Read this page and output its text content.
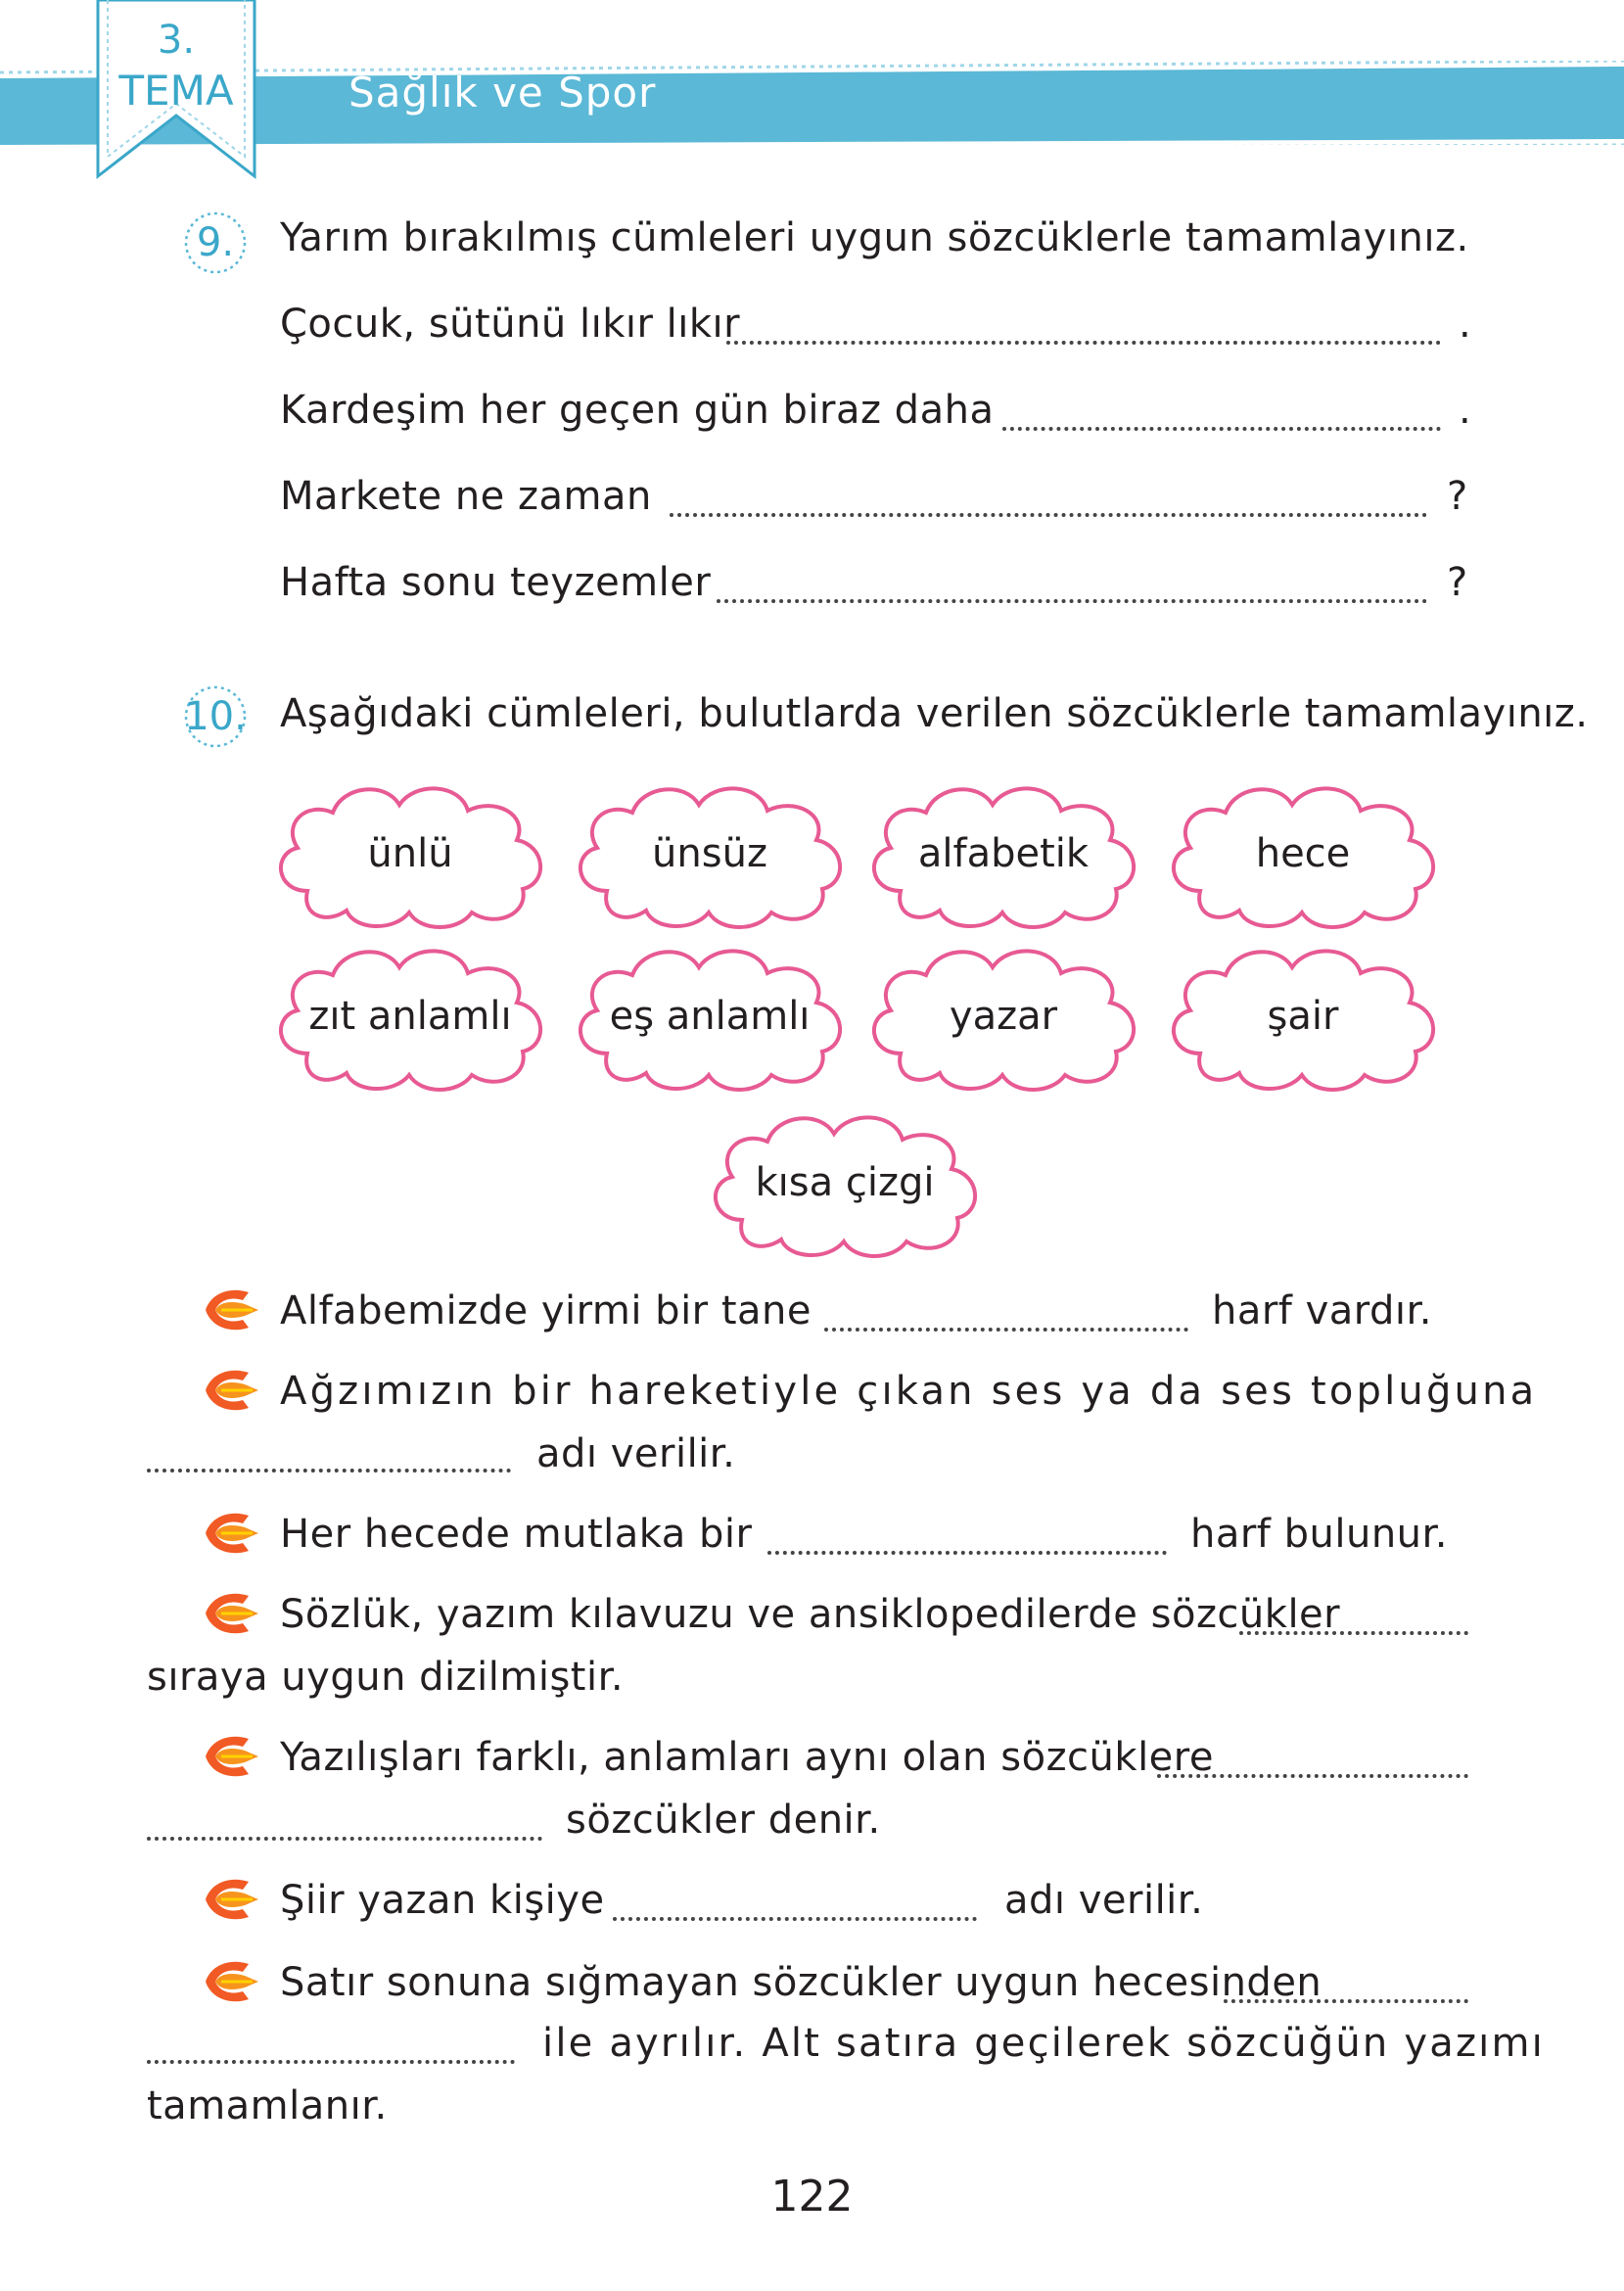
Sağlık ve Spor
3.
TEMA
9.	Yarım bırakılmış cümleleri uygun sözcüklerle tamamlayınız.
Çocuk, sütünü lıkır lıkır	.
Kardeşim her geçen gün biraz daha	.
Markete ne zaman	?
Hafta sonu teyzemler	?
10. Aşağıdaki cümleleri, bulutlarda verilen sözcüklerle tamamlayınız.
ünlü	ünsüz	alfabetik	hece
zıt anlamlı	eş anlamlı	yazar	şair
kısa çizgi
Alfabemizde yirmi bir tane	harf vardır.
Ağzımızın bir hareketiyle çıkan ses ya da ses topluğuna
adı verilir.
Her hecede mutlaka bir	harf bulunur.
Sözlük, yazım kılavuzu ve ansiklopedilerde sözcükler
sıraya uygun dizilmiştir.
Yazılışları farklı, anlamları aynı olan sözcüklere
sözcükler denir.
Şiir yazan kişiye	adı verilir.
Satır sonuna sığmayan sözcükler uygun hecesinden
ile ayrılır. Alt satıra geçilerek sözcüğün yazımı
tamamlanır.
122
